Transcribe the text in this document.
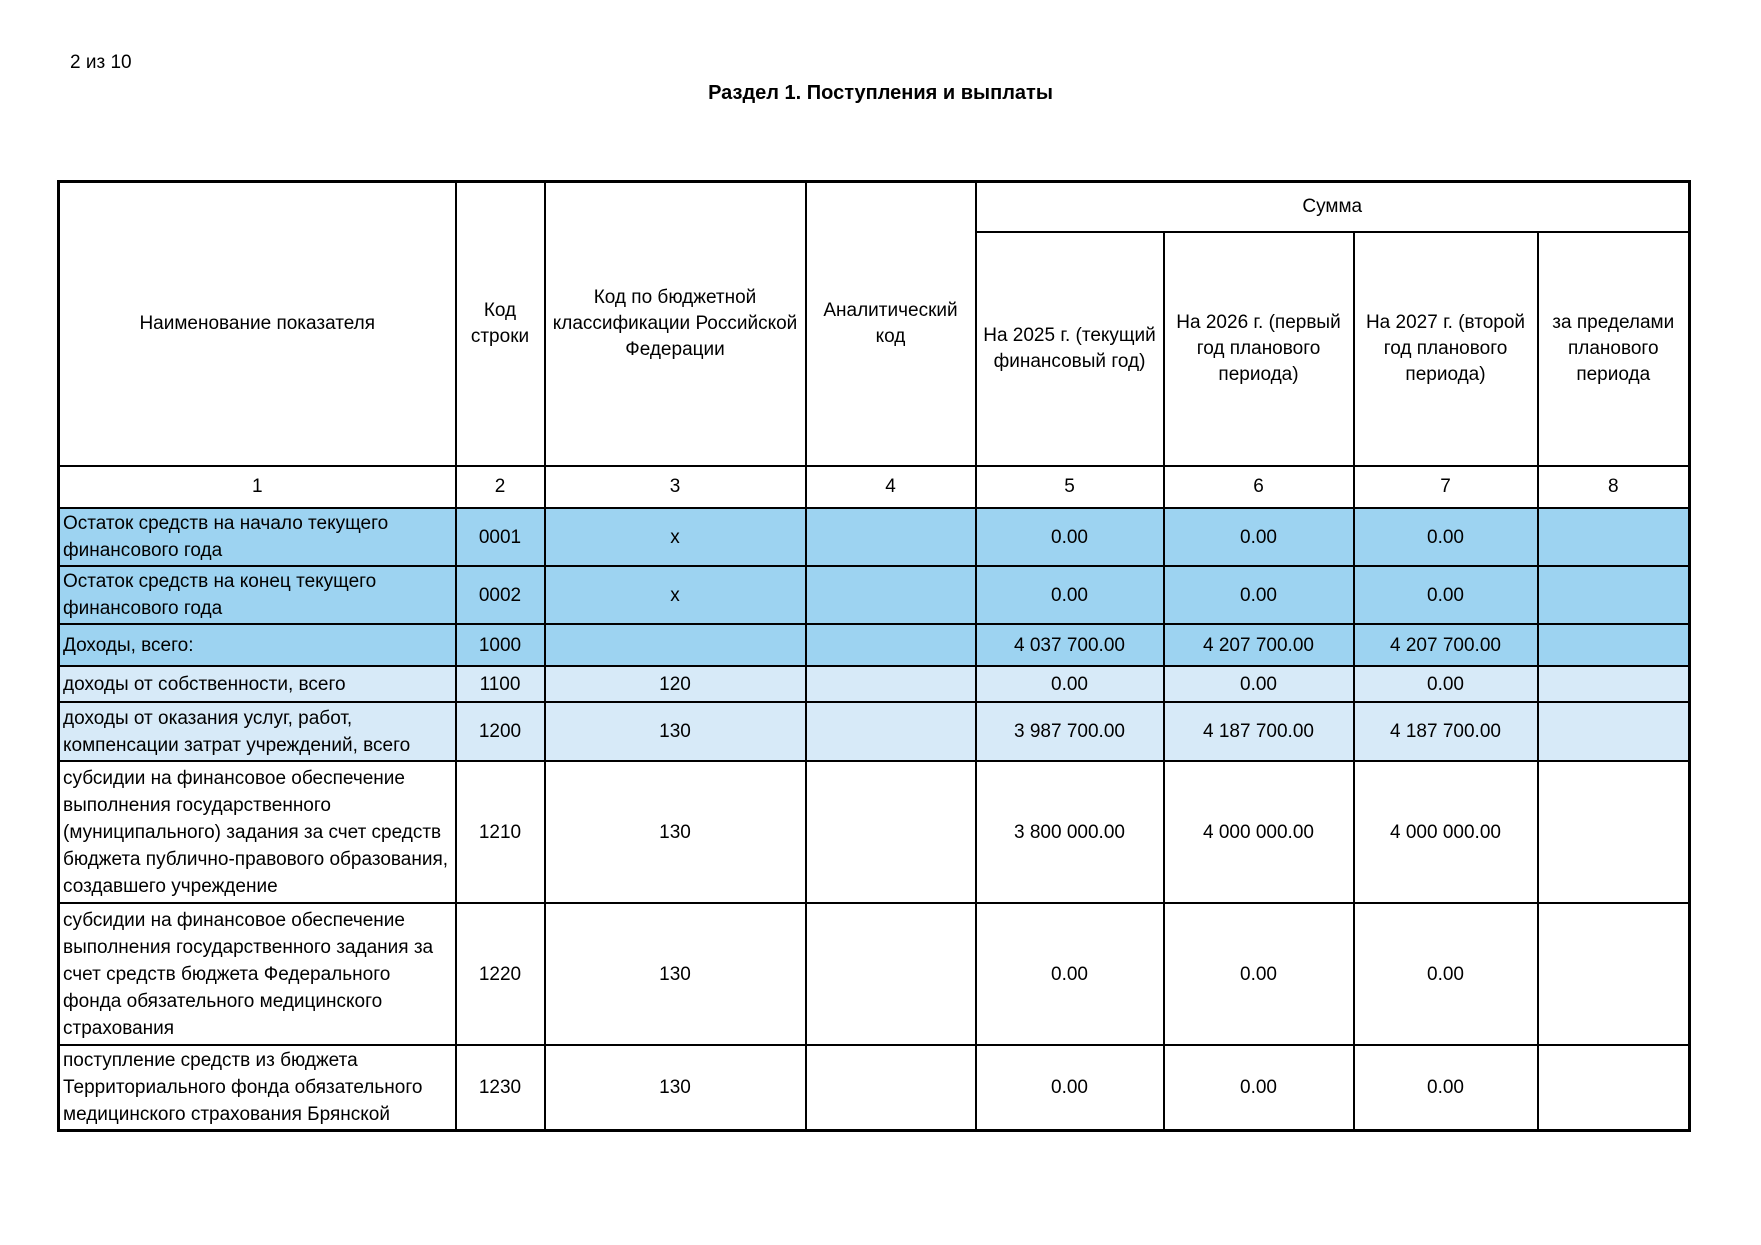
2 из 10
Раздел 1. Поступления и выплаты
Наименование показателя	Код строки	Код по бюджетной классификации Российской Федерации	Аналитический код	Сумма			
				На 2025 г. (текущий финансовый год)	На 2026 г. (первый год планового периода)	На 2027 г. (второй год планового периода)	за пределами планового периода
1	2	3	4	5	6	7	8
Остаток средств на начало текущего финансового года	0001	х		0.00	0.00	0.00	
Остаток средств на конец текущего финансового года	0002	х		0.00	0.00	0.00	
Доходы, всего:	1000			4 037 700.00	4 207 700.00	4 207 700.00	
доходы от собственности, всего	1100	120		0.00	0.00	0.00	
доходы от оказания услуг, работ, компенсации затрат учреждений, всего	1200	130		3 987 700.00	4 187 700.00	4 187 700.00	
субсидии на финансовое обеспечение выполнения государственного (муниципального) задания за счет средств бюджета публично-правового образования, создавшего учреждение	1210	130		3 800 000.00	4 000 000.00	4 000 000.00	
субсидии на финансовое обеспечение выполнения государственного задания за счет средств бюджета Федерального фонда обязательного медицинского страхования	1220	130		0.00	0.00	0.00	
поступление средств из бюджета Территориального фонда обязательного медицинского страхования Брянской	1230	130		0.00	0.00	0.00	
